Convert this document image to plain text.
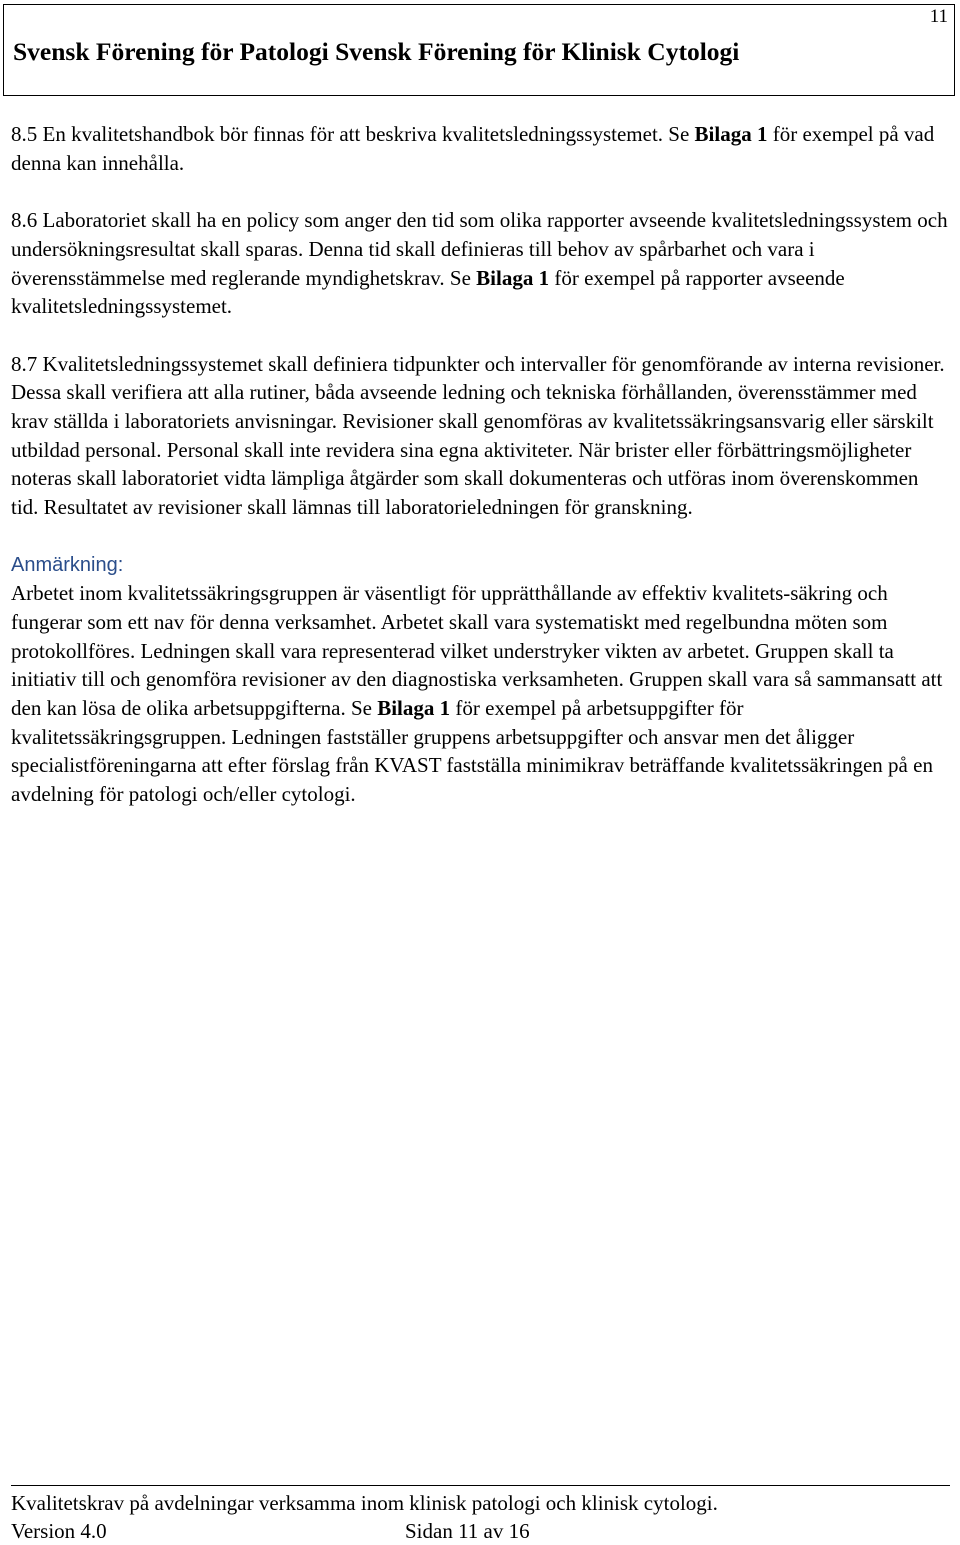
11
Svensk Förening för Patologi Svensk Förening för Klinisk Cytologi

8.5 En kvalitetshandbok bör finnas för att beskriva kvalitetsledningssystemet. Se Bilaga 1 för exempel på vad denna kan innehålla.

8.6 Laboratoriet skall ha en policy som anger den tid som olika rapporter avseende kvalitetsledningssystem och undersökningsresultat skall sparas. Denna tid skall definieras till behov av spårbarhet och vara i överensstämmelse med reglerande myndighetskrav. Se Bilaga 1 för exempel på rapporter avseende kvalitetsledningssystemet.

8.7 Kvalitetsledningssystemet skall definiera tidpunkter och intervaller för genomförande av interna revisioner. Dessa skall verifiera att alla rutiner, båda avseende ledning och tekniska förhållanden, överensstämmer med krav ställda i laboratoriets anvisningar. Revisioner skall genomföras av kvalitetssäkringsansvarig eller särskilt utbildad personal. Personal skall inte revidera sina egna aktiviteter. När brister eller förbättringsmöjligheter noteras skall laboratoriet vidta lämpliga åtgärder som skall dokumenteras och utföras inom överenskommen tid. Resultatet av revisioner skall lämnas till laboratorieledningen för granskning.

Anmärkning:
Arbetet inom kvalitetssäkringsgruppen är väsentligt för upprätthållande av effektiv kvalitets-säkring och fungerar som ett nav för denna verksamhet. Arbetet skall vara systematiskt med regelbundna möten som protokollföres. Ledningen skall vara representerad vilket understryker vikten av arbetet. Gruppen skall ta initiativ till och genomföra revisioner av den diagnostiska verksamheten. Gruppen skall vara så sammansatt att den kan lösa de olika arbetsuppgifterna. Se Bilaga 1 för exempel på arbetsuppgifter för kvalitetssäkringsgruppen. Ledningen fastställer gruppens arbetsuppgifter och ansvar men det åligger specialistföreningarna att efter förslag från KVAST fastställa minimikrav beträffande kvalitetssäkringen på en avdelning för patologi och/eller cytologi.
Kvalitetskrav på avdelningar verksamma inom klinisk patologi och klinisk cytologi.
Version 4.0	Sidan 11 av 16
